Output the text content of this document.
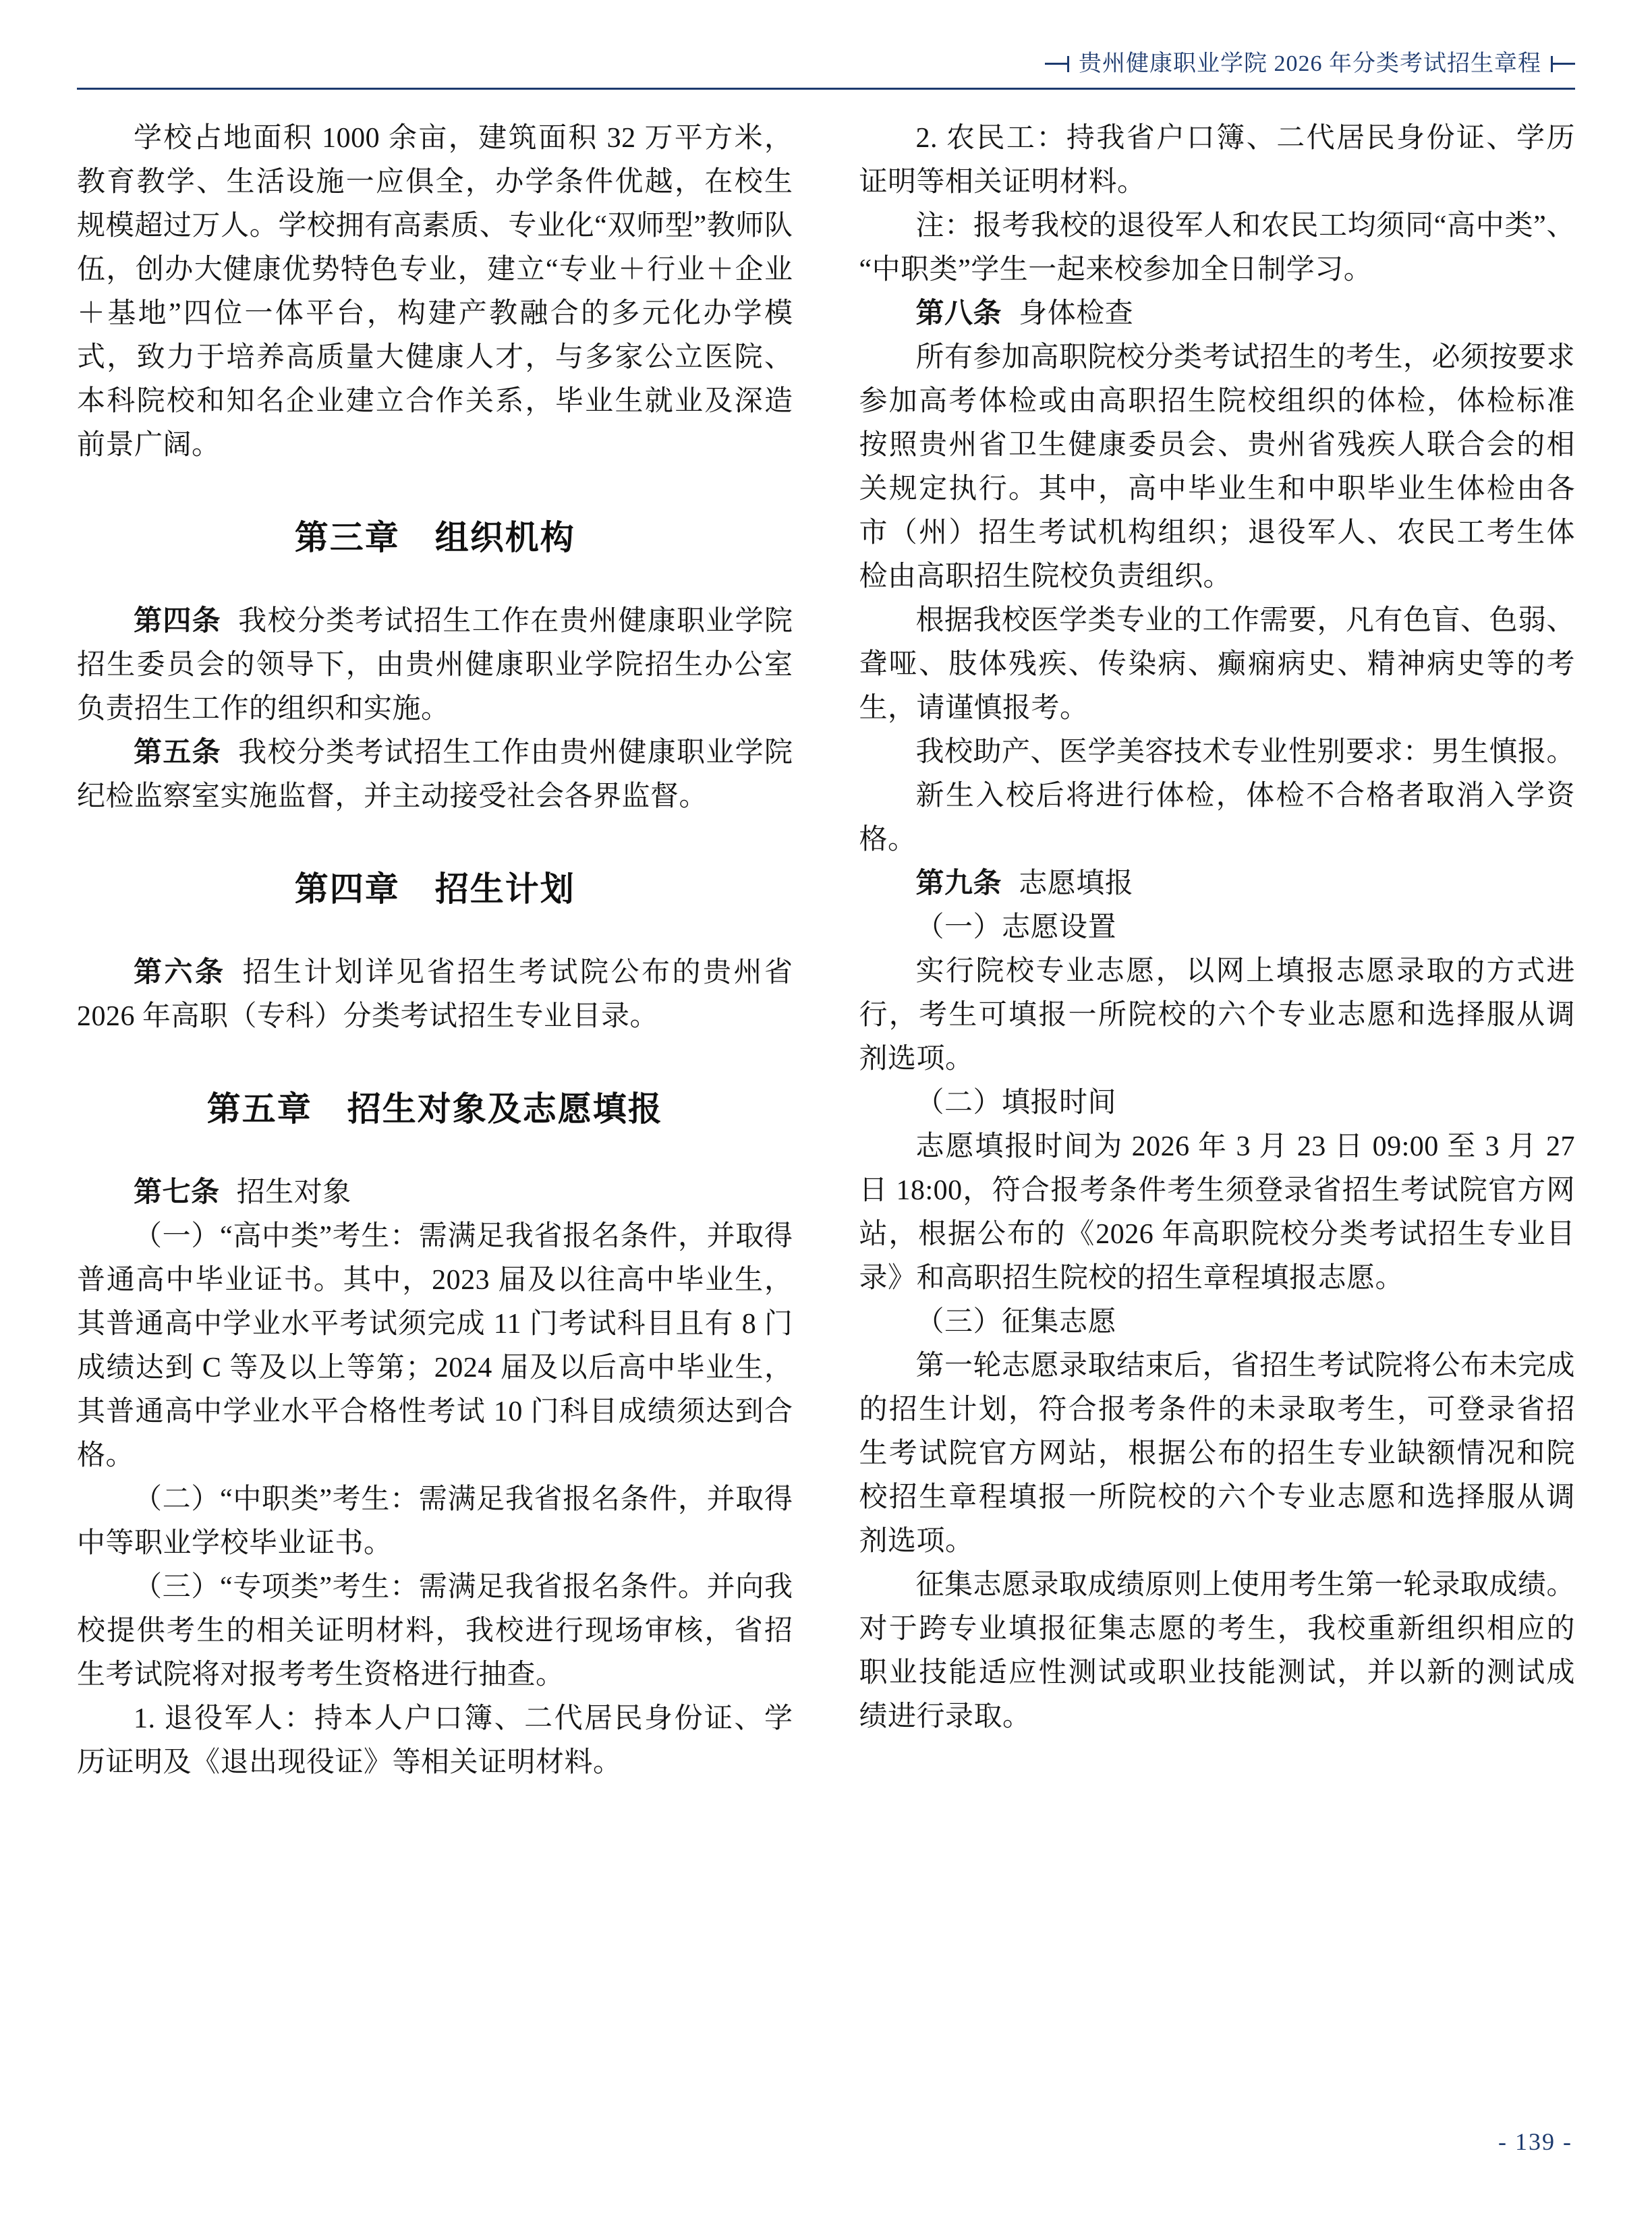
贵州健康职业学院 2026 年分类考试招生章程

学校占地面积 1000 余亩，建筑面积 32 万平方米，教育教学、生活设施一应俱全，办学条件优越，在校生规模超过万人。学校拥有高素质、专业化“双师型”教师队伍，创办大健康优势特色专业，建立“专业＋行业＋企业＋基地”四位一体平台，构建产教融合的多元化办学模式，致力于培养高质量大健康人才，与多家公立医院、本科院校和知名企业建立合作关系，毕业生就业及深造前景广阔。

第三章　组织机构

第四条 我校分类考试招生工作在贵州健康职业学院招生委员会的领导下，由贵州健康职业学院招生办公室负责招生工作的组织和实施。

第五条 我校分类考试招生工作由贵州健康职业学院纪检监察室实施监督，并主动接受社会各界监督。

第四章　招生计划

第六条 招生计划详见省招生考试院公布的贵州省 2026 年高职（专科）分类考试招生专业目录。

第五章　招生对象及志愿填报

第七条 招生对象

（一）“高中类”考生：需满足我省报名条件，并取得普通高中毕业证书。其中，2023 届及以往高中毕业生，其普通高中学业水平考试须完成 11 门考试科目且有 8 门成绩达到 C 等及以上等第；2024 届及以后高中毕业生，其普通高中学业水平合格性考试 10 门科目成绩须达到合格。

（二）“中职类”考生：需满足我省报名条件，并取得中等职业学校毕业证书。

（三）“专项类”考生：需满足我省报名条件。并向我校提供考生的相关证明材料，我校进行现场审核，省招生考试院将对报考考生资格进行抽查。

1. 退役军人：持本人户口簿、二代居民身份证、学历证明及《退出现役证》等相关证明材料。

2. 农民工：持我省户口簿、二代居民身份证、学历证明等相关证明材料。

注：报考我校的退役军人和农民工均须同“高中类”、“中职类”学生一起来校参加全日制学习。

第八条 身体检查

所有参加高职院校分类考试招生的考生，必须按要求参加高考体检或由高职招生院校组织的体检，体检标准按照贵州省卫生健康委员会、贵州省残疾人联合会的相关规定执行。其中，高中毕业生和中职毕业生体检由各市（州）招生考试机构组织；退役军人、农民工考生体检由高职招生院校负责组织。

根据我校医学类专业的工作需要，凡有色盲、色弱、聋哑、肢体残疾、传染病、癫痫病史、精神病史等的考生，请谨慎报考。

我校助产、医学美容技术专业性别要求：男生慎报。

新生入校后将进行体检，体检不合格者取消入学资格。

第九条 志愿填报

（一）志愿设置

实行院校专业志愿，以网上填报志愿录取的方式进行，考生可填报一所院校的六个专业志愿和选择服从调剂选项。

（二）填报时间

志愿填报时间为 2026 年 3 月 23 日 09:00 至 3 月 27 日 18:00，符合报考条件考生须登录省招生考试院官方网站，根据公布的《2026 年高职院校分类考试招生专业目录》和高职招生院校的招生章程填报志愿。

（三）征集志愿

第一轮志愿录取结束后，省招生考试院将公布未完成的招生计划，符合报考条件的未录取考生，可登录省招生考试院官方网站，根据公布的招生专业缺额情况和院校招生章程填报一所院校的六个专业志愿和选择服从调剂选项。

征集志愿录取成绩原则上使用考生第一轮录取成绩。对于跨专业填报征集志愿的考生，我校重新组织相应的职业技能适应性测试或职业技能测试，并以新的测试成绩进行录取。

- 139 -
